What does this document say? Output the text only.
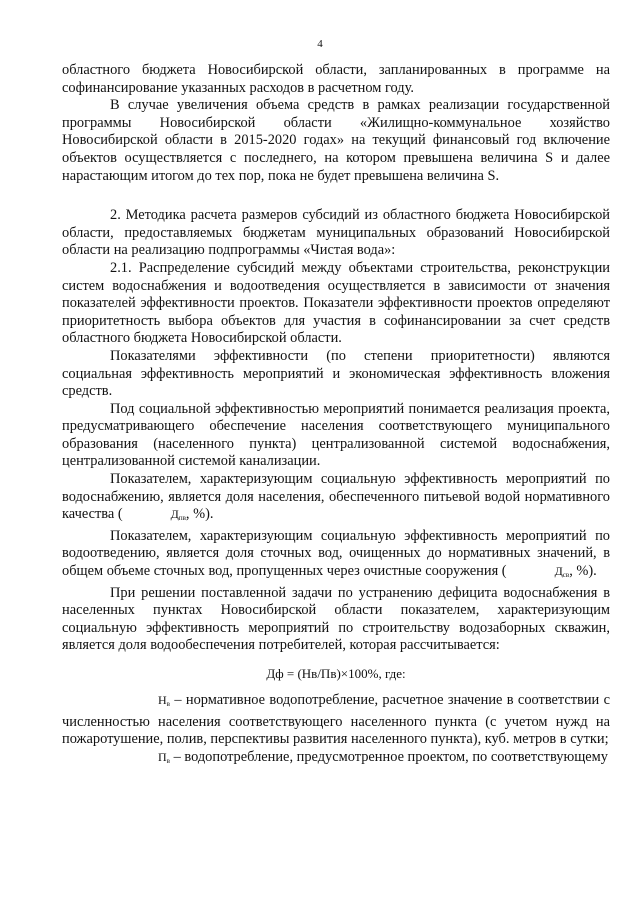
4

областного бюджета Новосибирской области, запланированных в программе на софинансирование указанных расходов в расчетном году.

В случае увеличения объема средств в рамках реализации государственной программы Новосибирской области «Жилищно-коммунальное хозяйство Новосибирской области в 2015-2020 годах» на текущий финансовый год включение объектов осуществляется с последнего, на котором превышена величина S и далее нарастающим итогом до тех пор, пока не будет превышена величина S.

2. Методика расчета размеров субсидий из областного бюджета Новосибирской области, предоставляемых бюджетам муниципальных образований Новосибирской области на реализацию подпрограммы «Чистая вода»:

2.1. Распределение субсидий между объектами строительства, реконструкции систем водоснабжения и водоотведения осуществляется в зависимости от значения показателей эффективности проектов. Показатели эффективности проектов определяют приоритетность выбора объектов для участия в софинансировании за счет средств областного бюджета Новосибирской области.

Показателями эффективности (по степени приоритетности) являются социальная эффективность мероприятий и экономическая эффективность вложения средств.

Под социальной эффективностью мероприятий понимается реализация проекта, предусматривающего обеспечение населения соответствующего муниципального образования (населенного пункта) централизованной системой водоснабжения, централизованной системой канализации.

Показателем, характеризующим социальную эффективность мероприятий по водоснабжению, является доля населения, обеспеченного питьевой водой нормативного качества (	$Д_{пв}$, %).

Показателем, характеризующим социальную эффективность мероприятий по водоотведению, является доля сточных вод, очищенных до нормативных значений, в общем объеме сточных вод, пропущенных через очистные сооружения (	$Д_{св}$, %).

При решении поставленной задачи по устранению дефицита водоснабжения в населенных пунктах Новосибирской области показателем, характеризующим социальную эффективность мероприятий по строительству водозаборных скважин, является доля водообеспечения потребителей, которая рассчитывается:

Дф = (Нв/Пв)×100%, где:

$Н_в$ – нормативное водопотребление, расчетное значение в соответствии с численностью населения соответствующего населенного пункта (с учетом нужд на пожаротушение, полив, перспективы развития населенного пункта), куб. метров в сутки;

$П_в$ – водопотребление, предусмотренное проектом, по соответствующему
